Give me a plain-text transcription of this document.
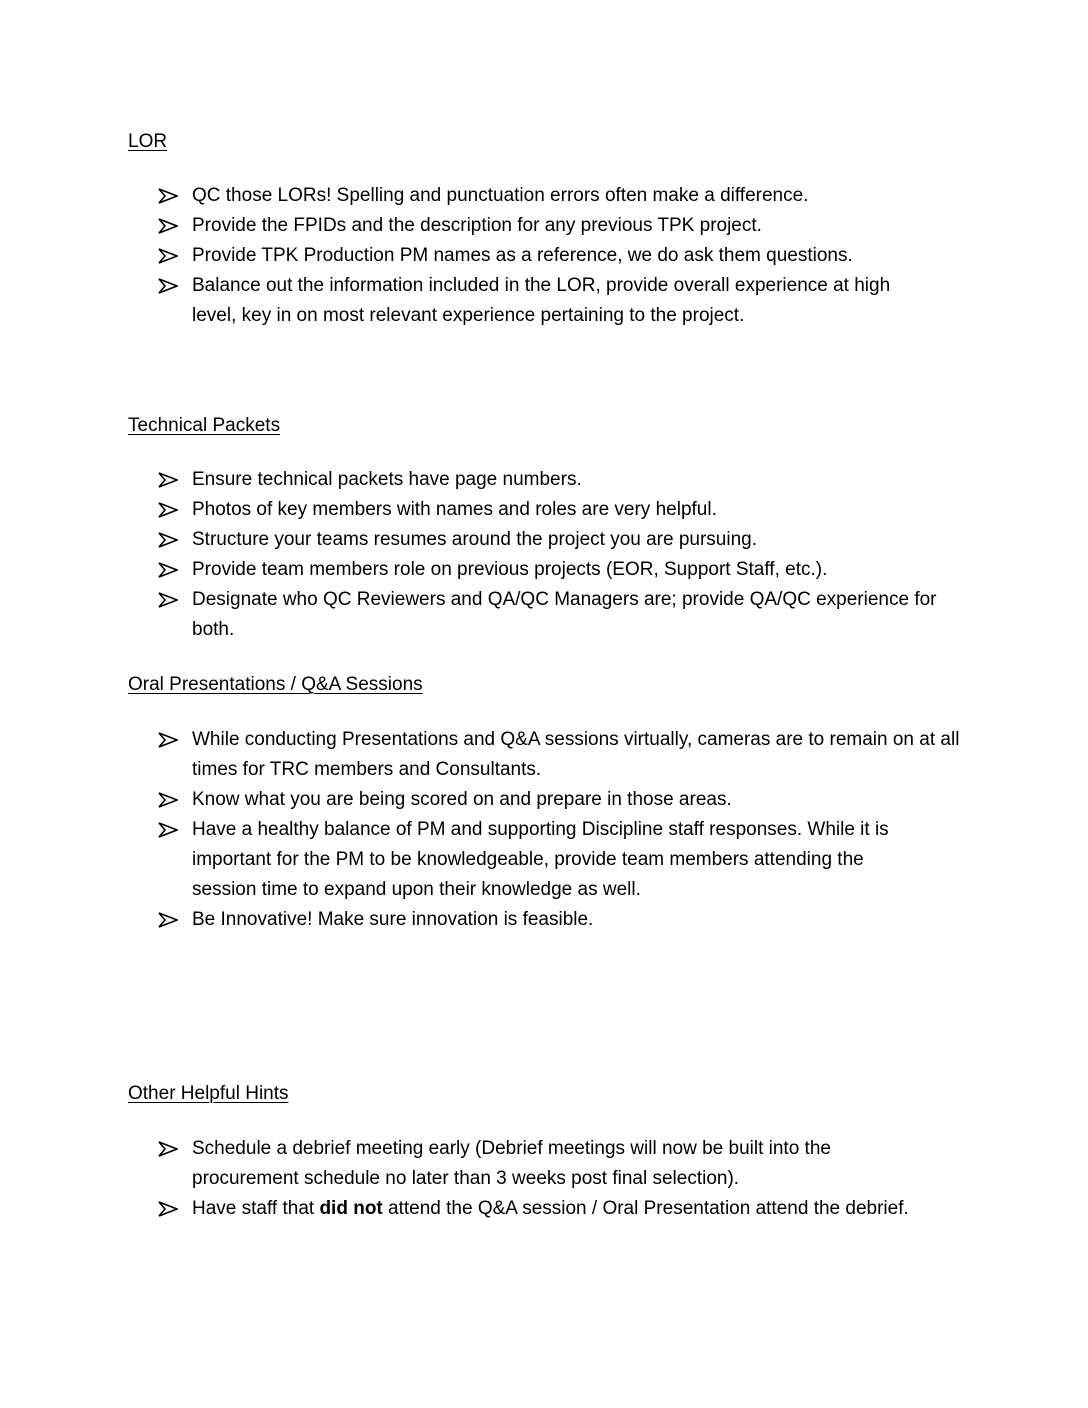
LOR
QC those LORs! Spelling and punctuation errors often make a difference.
Provide the FPIDs and the description for any previous TPK project.
Provide TPK Production PM names as a reference, we do ask them questions.
Balance out the information included in the LOR, provide overall experience at high level, key in on most relevant experience pertaining to the project.
Technical Packets
Ensure technical packets have page numbers.
Photos of key members with names and roles are very helpful.
Structure your teams resumes around the project you are pursuing.
Provide team members role on previous projects (EOR, Support Staff, etc.).
Designate who QC Reviewers and QA/QC Managers are; provide QA/QC experience for both.
Oral Presentations / Q&A Sessions
While conducting Presentations and Q&A sessions virtually, cameras are to remain on at all times for TRC members and Consultants.
Know what you are being scored on and prepare in those areas.
Have a healthy balance of PM and supporting Discipline staff responses. While it is important for the PM to be knowledgeable, provide team members attending the session time to expand upon their knowledge as well.
Be Innovative! Make sure innovation is feasible.
Other Helpful Hints
Schedule a debrief meeting early (Debrief meetings will now be built into the procurement schedule no later than 3 weeks post final selection).
Have staff that did not attend the Q&A session / Oral Presentation attend the debrief.
